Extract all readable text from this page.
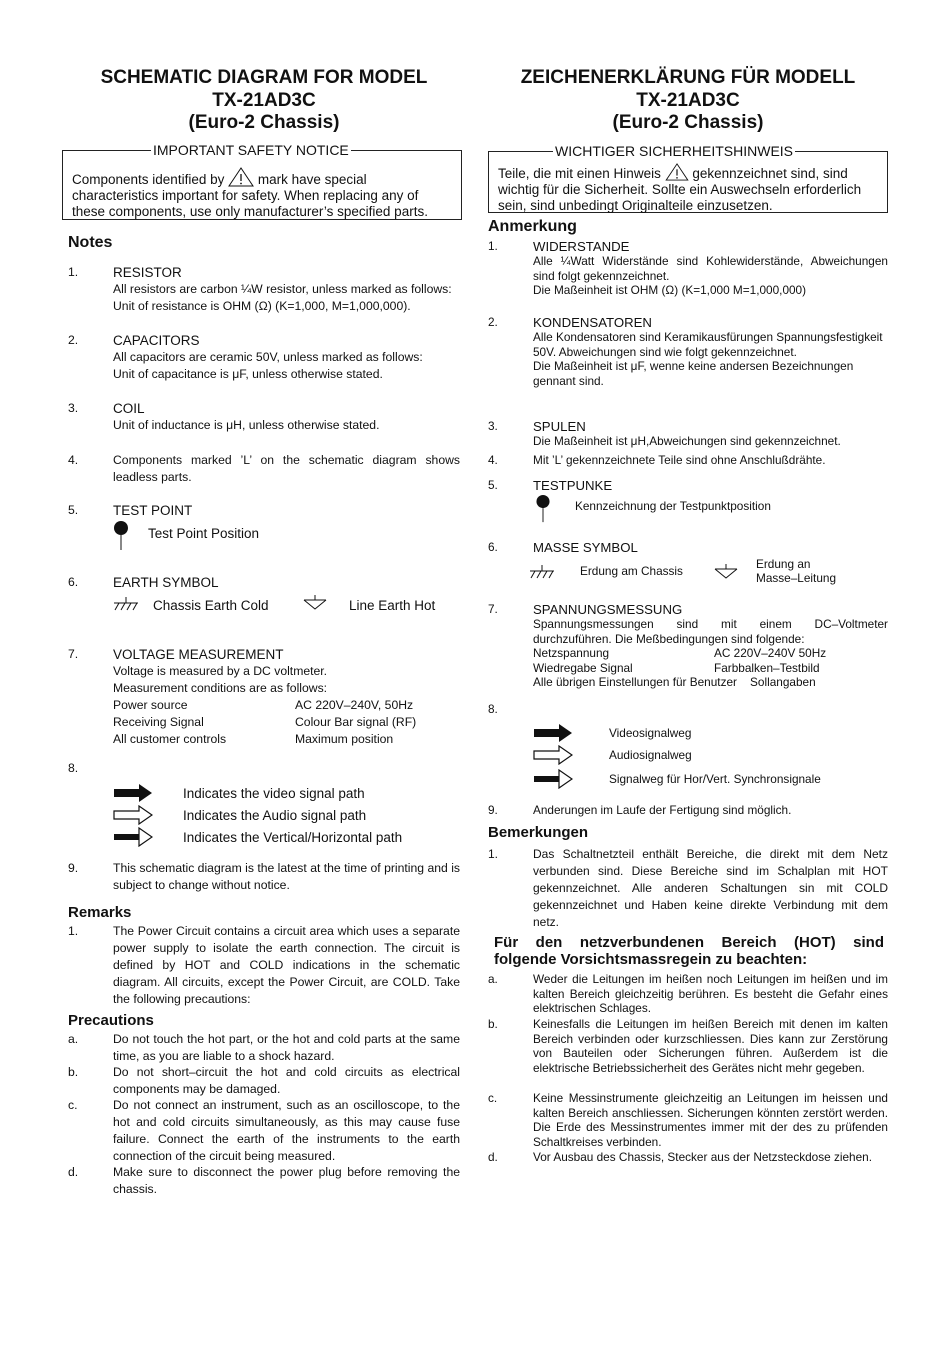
SCHEMATIC DIAGRAM FOR MODEL
TX-21AD3C
(Euro-2 Chassis)
IMPORTANT SAFETY NOTICE
Components identified by mark have special characteristics important for safety. When replacing any of these components, use only manufacturer’s specified parts.
Notes
1.	RESISTOR
All resistors are carbon ¼W resistor, unless marked as follows:
Unit of resistance is OHM (Ω) (K=1,000, M=1,000,000).
2.	CAPACITORS
All capacitors are ceramic 50V, unless marked as follows:
Unit of capacitance is μF, unless otherwise stated.
3.	COIL
Unit of inductance is μH, unless otherwise stated.
4.	Components marked ’L’ on the schematic diagram shows leadless parts.
5.	TEST POINT
Test Point Position
6.	EARTH SYMBOL
Chassis Earth Cold	Line Earth Hot
7.	VOLTAGE MEASUREMENT
Voltage is measured by a DC voltmeter.
Measurement conditions are as follows:
Power source	AC 220V–240V, 50Hz
Receiving Signal	Colour Bar signal (RF)
All customer controls	Maximum position
8.
Indicates the video signal path
Indicates the Audio signal path
Indicates the Vertical/Horizontal path
9.	This schematic diagram is the latest at the time of printing and is subject to change without notice.
Remarks
1.	The Power Circuit contains a circuit area which uses a separate power supply to isolate the earth connection. The circuit is defined by HOT and COLD indications in the schematic diagram. All circuits, except the Power Circuit, are COLD. Take the following precautions:
Precautions
a.	Do not touch the hot part, or the hot and cold parts at the same time, as you are liable to a shock hazard.
b.	Do not short–circuit the hot and cold circuits as electrical components may be damaged.
c.	Do not connect an instrument, such as an oscilloscope, to the hot and cold circuits simultaneously, as this may cause fuse failure. Connect the earth of the instruments to the earth connection of the circuit being measured.
d.	Make sure to disconnect the power plug before removing the chassis.
ZEICHENERKLÄRUNG FÜR MODELL
TX-21AD3C
(Euro-2 Chassis)
WICHTIGER SICHERHEITSHINWEIS
Teile, die mit einen Hinweis gekennzeichnet sind, sind wichtig für die Sicherheit. Sollte ein Auswechseln erforderlich sein, sind unbedingt Originalteile einzusetzen.
Anmerkung
1.	WIDERSTANDE
Alle ¼Watt Widerstände sind Kohlewiderstände, Abweichungen sind folgt gekennzeichnet.
Die Maßeinheit ist OHM (Ω) (K=1,000 M=1,000,000)
2.	KONDENSATOREN
Alle Kondensatoren sind Keramikausfürungen Spannungsfestigkeit 50V. Abweichungen sind wie folgt gekennzeichnet.
Die Maßeinheit ist μF, wenne keine andersen Bezeichnungen gennant sind.
3.	SPULEN
Die Maßeinheit ist μH,Abweichungen sind gekennzeichnet.
4.	Mit ’L’ gekennzeichnete Teile sind ohne Anschlußdrähte.
5.	TESTPUNKE
Kennzeichnung der Testpunktposition
6.	MASSE SYMBOL
Erdung am Chassis	Erdung an
Masse–Leitung
7.	SPANNUNGSMESSUNG
Spannungsmessungen sind mit einem DC–Voltmeter durchzuführen. Die Meßbedingungen sind folgende:
Netzspannung	AC 220V–240V 50Hz
Wiedregabe Signal	Farbbalken–Testbild
Alle übrigen Einstellungen für Benutzer    Sollangaben
8.
Videosignalweg
Audiosignalweg
Signalweg für Hor/Vert. Synchronsignale
9.	Anderungen im Laufe der Fertigung sind möglich.
Bemerkungen
1.	Das Schaltnetzteil enthält Bereiche, die direkt mit dem Netz verbunden sind. Diese Bereiche sind im Schalplan mit HOT gekennzeichnet. Alle anderen Schaltungen sin mit COLD gekennzeichnet und Haben keine direkte Verbindung mit dem netz.
Für den netzverbundenen Bereich (HOT) sind folgende Vorsichtsmassregein zu beachten:
a.	Weder die Leitungen im heißen noch Leitungen im heißen und im kalten Bereich gleichzeitig berühren. Es besteht die Gefahr eines elektrischen Schlages.
b.	Keinesfalls die Leitungen im heißen Bereich mit denen im kalten Bereich verbinden oder kurzschliessen. Dies kann zur Zerstörung von Bauteilen oder Sicherungen führen. Außerdem ist die elektrische Betriebssicherheit des Gerätes nicht mehr gegeben.
c.	Keine Messinstrumente gleichzeitig an Leitungen im heissen und kalten Bereich anschliessen. Sicherungen könnten zerstört werden. Die Erde des Messinstrumentes immer mit der des zu prüfenden Schaltkreises verbinden.
d.	Vor Ausbau des Chassis, Stecker aus der Netzsteckdose ziehen.
